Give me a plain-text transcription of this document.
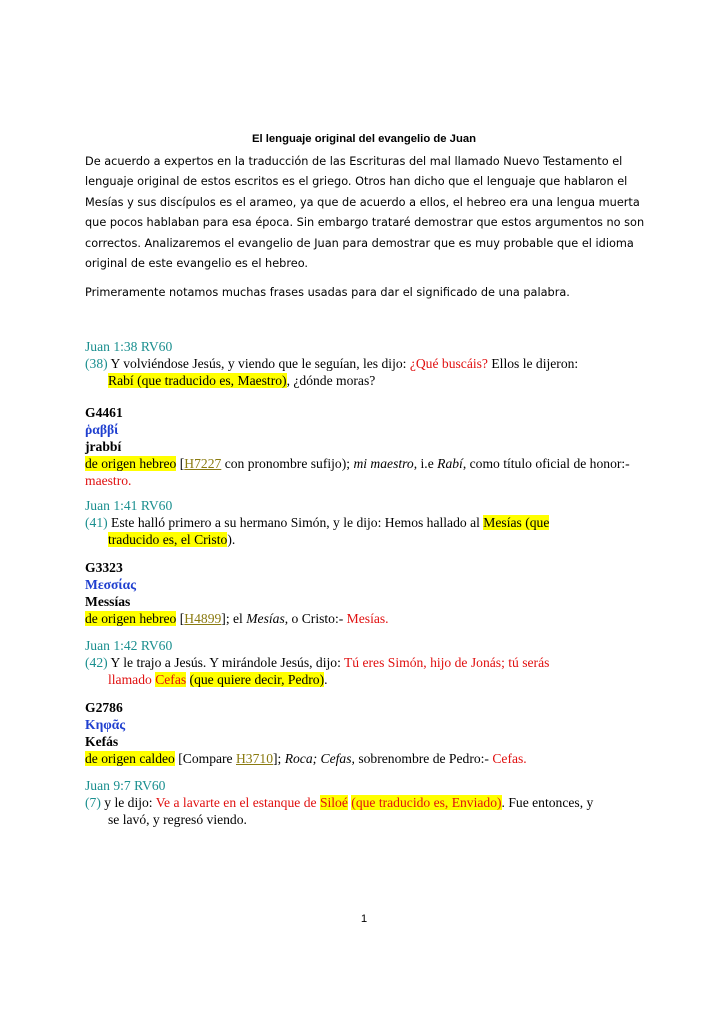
El lenguaje original del evangelio de Juan

De acuerdo a expertos en la traducción de las Escrituras del mal llamado Nuevo Testamento el lenguaje original de estos escritos es el griego. Otros han dicho que el lenguaje que hablaron el Mesías y sus discípulos es el arameo, ya que de acuerdo a ellos, el hebreo era una lengua muerta que pocos hablaban para esa época. Sin embargo trataré demostrar que estos argumentos no son correctos. Analizaremos el evangelio de Juan para demostrar que es muy probable que el idioma original de este evangelio es el hebreo.

Primeramente notamos muchas frases usadas para dar el significado de una palabra.

Juan 1:38 RV60
(38) Y volviéndose Jesús, y viendo que le seguían, les dijo: ¿Qué buscáis? Ellos le dijeron:
Rabí (que traducido es, Maestro), ¿dónde moras?
G4461
ῥαββί
jrabbí
de origen hebreo [H7227 con pronombre sufijo); mi maestro, i.e Rabí, como título oficial de honor:- maestro.
Juan 1:41 RV60
(41) Este halló primero a su hermano Simón, y le dijo: Hemos hallado al Mesías (que
traducido es, el Cristo).
G3323
Μεσσίας
Messías
de origen hebreo [H4899]; el Mesías, o Cristo:- Mesías.
Juan 1:42 RV60
(42) Y le trajo a Jesús. Y mirándole Jesús, dijo: Tú eres Simón, hijo de Jonás; tú serás
llamado Cefas (que quiere decir, Pedro).
G2786
Κηφᾶς
Kefás
de origen caldeo [Compare H3710]; Roca; Cefas, sobrenombre de Pedro:- Cefas.
Juan 9:7 RV60
(7) y le dijo: Ve a lavarte en el estanque de Siloé (que traducido es, Enviado). Fue entonces, y
se lavó, y regresó viendo.
1
